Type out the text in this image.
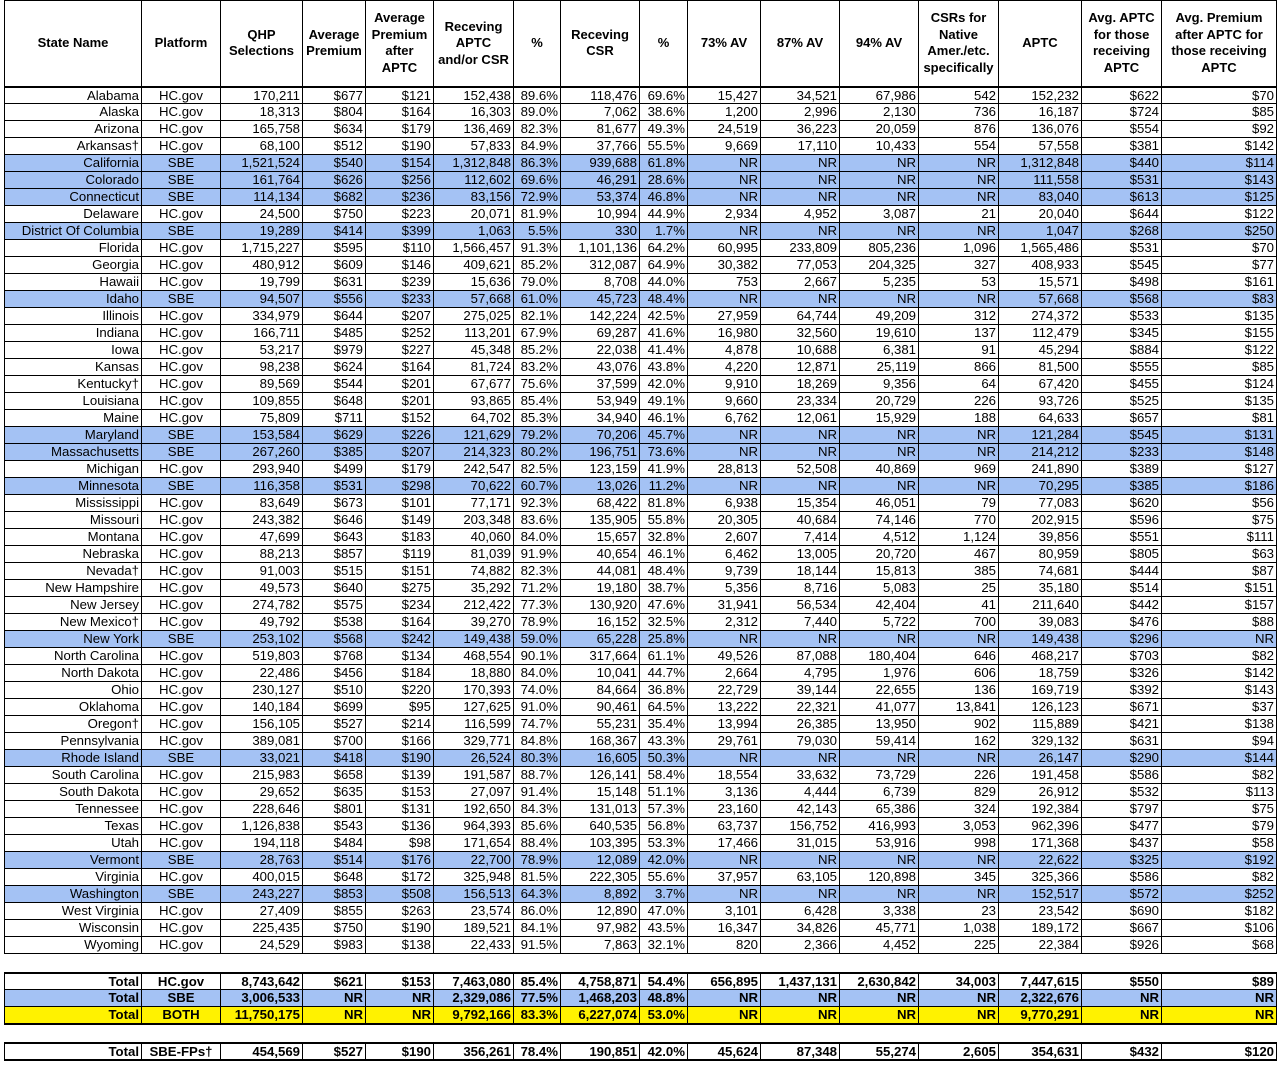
State Name	Platform	QHP Selections	Average Premium	Average Premium after APTC	Receving APTC and/or CSR	%	Receving CSR	%	73% AV	87% AV	94% AV	CSRs for Native Amer./etc. specifically	APTC	Avg. APTC for those receiving APTC	Avg. Premium after APTC for those receiving APTC
Alabama	HC.gov	170,211	$677	$121	152,438	89.6%	118,476	69.6%	15,427	34,521	67,986	542	152,232	$622	$70
Alaska	HC.gov	18,313	$804	$164	16,303	89.0%	7,062	38.6%	1,200	2,996	2,130	736	16,187	$724	$85
Arizona	HC.gov	165,758	$634	$179	136,469	82.3%	81,677	49.3%	24,519	36,223	20,059	876	136,076	$554	$92
Arkansas†	HC.gov	68,100	$512	$190	57,833	84.9%	37,766	55.5%	9,669	17,110	10,433	554	57,558	$381	$142
California	SBE	1,521,524	$540	$154	1,312,848	86.3%	939,688	61.8%	NR	NR	NR	NR	1,312,848	$440	$114
Colorado	SBE	161,764	$626	$256	112,602	69.6%	46,291	28.6%	NR	NR	NR	NR	111,558	$531	$143
Connecticut	SBE	114,134	$682	$236	83,156	72.9%	53,374	46.8%	NR	NR	NR	NR	83,040	$613	$125
Delaware	HC.gov	24,500	$750	$223	20,071	81.9%	10,994	44.9%	2,934	4,952	3,087	21	20,040	$644	$122
District Of Columbia	SBE	19,289	$414	$399	1,063	5.5%	330	1.7%	NR	NR	NR	NR	1,047	$268	$250
Florida	HC.gov	1,715,227	$595	$110	1,566,457	91.3%	1,101,136	64.2%	60,995	233,809	805,236	1,096	1,565,486	$531	$70
Georgia	HC.gov	480,912	$609	$146	409,621	85.2%	312,087	64.9%	30,382	77,053	204,325	327	408,933	$545	$77
Hawaii	HC.gov	19,799	$631	$239	15,636	79.0%	8,708	44.0%	753	2,667	5,235	53	15,571	$498	$161
Idaho	SBE	94,507	$556	$233	57,668	61.0%	45,723	48.4%	NR	NR	NR	NR	57,668	$568	$83
Illinois	HC.gov	334,979	$644	$207	275,025	82.1%	142,224	42.5%	27,959	64,744	49,209	312	274,372	$533	$135
Indiana	HC.gov	166,711	$485	$252	113,201	67.9%	69,287	41.6%	16,980	32,560	19,610	137	112,479	$345	$155
Iowa	HC.gov	53,217	$979	$227	45,348	85.2%	22,038	41.4%	4,878	10,688	6,381	91	45,294	$884	$122
Kansas	HC.gov	98,238	$624	$164	81,724	83.2%	43,076	43.8%	4,220	12,871	25,119	866	81,500	$555	$85
Kentucky†	HC.gov	89,569	$544	$201	67,677	75.6%	37,599	42.0%	9,910	18,269	9,356	64	67,420	$455	$124
Louisiana	HC.gov	109,855	$648	$201	93,865	85.4%	53,949	49.1%	9,660	23,334	20,729	226	93,726	$525	$135
Maine	HC.gov	75,809	$711	$152	64,702	85.3%	34,940	46.1%	6,762	12,061	15,929	188	64,633	$657	$81
Maryland	SBE	153,584	$629	$226	121,629	79.2%	70,206	45.7%	NR	NR	NR	NR	121,284	$545	$131
Massachusetts	SBE	267,260	$385	$207	214,323	80.2%	196,751	73.6%	NR	NR	NR	NR	214,212	$233	$148
Michigan	HC.gov	293,940	$499	$179	242,547	82.5%	123,159	41.9%	28,813	52,508	40,869	969	241,890	$389	$127
Minnesota	SBE	116,358	$531	$298	70,622	60.7%	13,026	11.2%	NR	NR	NR	NR	70,295	$385	$186
Mississippi	HC.gov	83,649	$673	$101	77,171	92.3%	68,422	81.8%	6,938	15,354	46,051	79	77,083	$620	$56
Missouri	HC.gov	243,382	$646	$149	203,348	83.6%	135,905	55.8%	20,305	40,684	74,146	770	202,915	$596	$75
Montana	HC.gov	47,699	$643	$183	40,060	84.0%	15,657	32.8%	2,607	7,414	4,512	1,124	39,856	$551	$111
Nebraska	HC.gov	88,213	$857	$119	81,039	91.9%	40,654	46.1%	6,462	13,005	20,720	467	80,959	$805	$63
Nevada†	HC.gov	91,003	$515	$151	74,882	82.3%	44,081	48.4%	9,739	18,144	15,813	385	74,681	$444	$87
New Hampshire	HC.gov	49,573	$640	$275	35,292	71.2%	19,180	38.7%	5,356	8,716	5,083	25	35,180	$514	$151
New Jersey	HC.gov	274,782	$575	$234	212,422	77.3%	130,920	47.6%	31,941	56,534	42,404	41	211,640	$442	$157
New Mexico†	HC.gov	49,792	$538	$164	39,270	78.9%	16,152	32.5%	2,312	7,440	5,722	700	39,083	$476	$88
New York	SBE	253,102	$568	$242	149,438	59.0%	65,228	25.8%	NR	NR	NR	NR	149,438	$296	NR
North Carolina	HC.gov	519,803	$768	$134	468,554	90.1%	317,664	61.1%	49,526	87,088	180,404	646	468,217	$703	$82
North Dakota	HC.gov	22,486	$456	$184	18,880	84.0%	10,041	44.7%	2,664	4,795	1,976	606	18,759	$326	$142
Ohio	HC.gov	230,127	$510	$220	170,393	74.0%	84,664	36.8%	22,729	39,144	22,655	136	169,719	$392	$143
Oklahoma	HC.gov	140,184	$699	$95	127,625	91.0%	90,461	64.5%	13,222	22,321	41,077	13,841	126,123	$671	$37
Oregon†	HC.gov	156,105	$527	$214	116,599	74.7%	55,231	35.4%	13,994	26,385	13,950	902	115,889	$421	$138
Pennsylvania	HC.gov	389,081	$700	$166	329,771	84.8%	168,367	43.3%	29,761	79,030	59,414	162	329,132	$631	$94
Rhode Island	SBE	33,021	$418	$190	26,524	80.3%	16,605	50.3%	NR	NR	NR	NR	26,147	$290	$144
South Carolina	HC.gov	215,983	$658	$139	191,587	88.7%	126,141	58.4%	18,554	33,632	73,729	226	191,458	$586	$82
South Dakota	HC.gov	29,652	$635	$153	27,097	91.4%	15,148	51.1%	3,136	4,444	6,739	829	26,912	$532	$113
Tennessee	HC.gov	228,646	$801	$131	192,650	84.3%	131,013	57.3%	23,160	42,143	65,386	324	192,384	$797	$75
Texas	HC.gov	1,126,838	$543	$136	964,393	85.6%	640,535	56.8%	63,737	156,752	416,993	3,053	962,396	$477	$79
Utah	HC.gov	194,118	$484	$98	171,654	88.4%	103,395	53.3%	17,466	31,015	53,916	998	171,368	$437	$58
Vermont	SBE	28,763	$514	$176	22,700	78.9%	12,089	42.0%	NR	NR	NR	NR	22,622	$325	$192
Virginia	HC.gov	400,015	$648	$172	325,948	81.5%	222,305	55.6%	37,957	63,105	120,898	345	325,366	$586	$82
Washington	SBE	243,227	$853	$508	156,513	64.3%	8,892	3.7%	NR	NR	NR	NR	152,517	$572	$252
West Virginia	HC.gov	27,409	$855	$263	23,574	86.0%	12,890	47.0%	3,101	6,428	3,338	23	23,542	$690	$182
Wisconsin	HC.gov	225,435	$750	$190	189,521	84.1%	97,982	43.5%	16,347	34,826	45,771	1,038	189,172	$667	$106
Wyoming	HC.gov	24,529	$983	$138	22,433	91.5%	7,863	32.1%	820	2,366	4,452	225	22,384	$926	$68

Total	HC.gov	8,743,642	$621	$153	7,463,080	85.4%	4,758,871	54.4%	656,895	1,437,131	2,630,842	34,003	7,447,615	$550	$89
Total	SBE	3,006,533	NR	NR	2,329,086	77.5%	1,468,203	48.8%	NR	NR	NR	NR	2,322,676	NR	NR
Total	BOTH	11,750,175	NR	NR	9,792,166	83.3%	6,227,074	53.0%	NR	NR	NR	NR	9,770,291	NR	NR

Total	SBE-FPs†	454,569	$527	$190	356,261	78.4%	190,851	42.0%	45,624	87,348	55,274	2,605	354,631	$432	$120
